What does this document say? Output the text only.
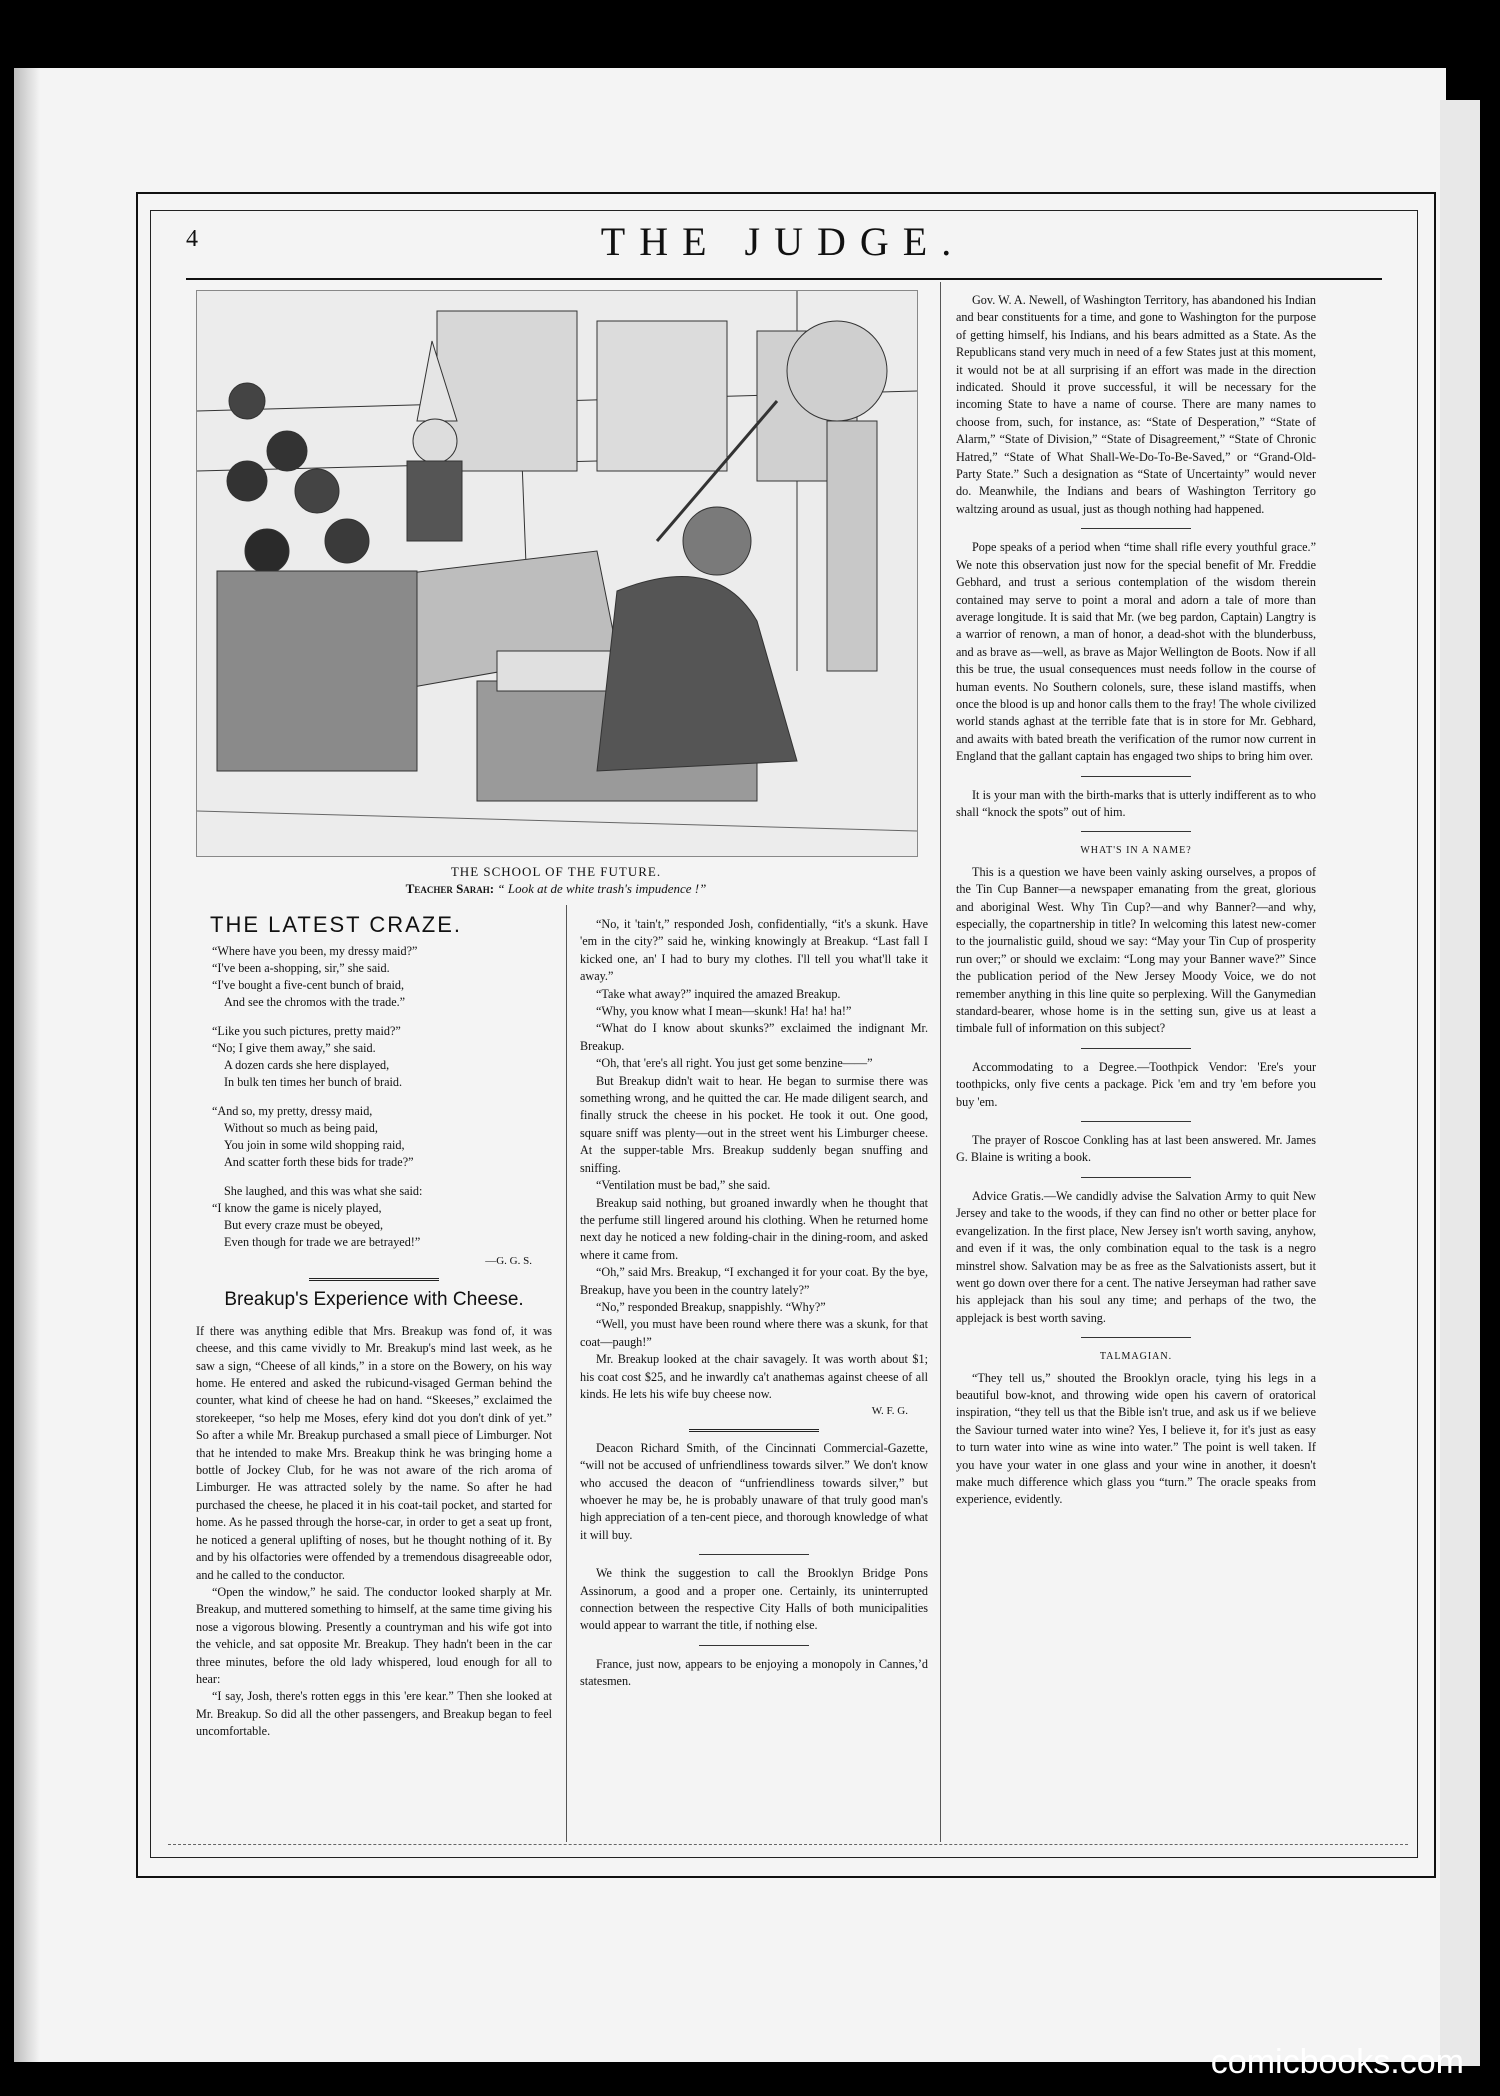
4	THE JUDGE.
THE SCHOOL OF THE FUTURE.
Teacher Sarah: “ Look at de white trash's impudence !”
THE LATEST CRAZE.
“Where have you been, my dressy maid?”
“I've been a-shopping, sir,” she said.
“I've bought a five-cent bunch of braid,
And see the chromos with the trade.”
“Like you such pictures, pretty maid?”
“No; I give them away,” she said.
A dozen cards she here displayed,
In bulk ten times her bunch of braid.
“And so, my pretty, dressy maid,
Without so much as being paid,
You join in some wild shopping raid,
And scatter forth these bids for trade?”
She laughed, and this was what she said:
“I know the game is nicely played,
But every craze must be obeyed,
Even though for trade we are betrayed!”
—G. G. S.
Breakup's Experience with Cheese.

If there was anything edible that Mrs. Breakup was fond of, it was cheese, and this came vividly to Mr. Breakup's mind last week, as he saw a sign, “Cheese of all kinds,” in a store on the Bowery, on his way home. He entered and asked the rubicund-visaged German behind the counter, what kind of cheese he had on hand. “Skeeses,” exclaimed the storekeeper, “so help me Moses, efery kind dot you don't dink of yet.” So after a while Mr. Breakup purchased a small piece of Limburger. Not that he intended to make Mrs. Breakup think he was bringing home a bottle of Jockey Club, for he was not aware of the rich aroma of Limburger. He was attracted solely by the name. So after he had purchased the cheese, he placed it in his coat-tail pocket, and started for home. As he passed through the horse-car, in order to get a seat up front, he noticed a general uplifting of noses, but he thought nothing of it. By and by his olfactories were offended by a tremendous disagreeable odor, and he called to the conductor.

“Open the window,” he said. The conductor looked sharply at Mr. Breakup, and muttered something to himself, at the same time giving his nose a vigorous blowing. Presently a countryman and his wife got into the vehicle, and sat opposite Mr. Breakup. They hadn't been in the car three minutes, before the old lady whispered, loud enough for all to hear:

“I say, Josh, there's rotten eggs in this 'ere kear.” Then she looked at Mr. Breakup. So did all the other passengers, and Breakup began to feel uncomfortable.

“No, it 'tain't,” responded Josh, confidentially, “it's a skunk. Have 'em in the city?” said he, winking knowingly at Breakup. “Last fall I kicked one, an' I had to bury my clothes. I'll tell you what'll take it away.”

“Take what away?” inquired the amazed Breakup.

“Why, you know what I mean—skunk! Ha! ha! ha!”

“What do I know about skunks?” exclaimed the indignant Mr. Breakup.

“Oh, that 'ere's all right. You just get some benzine——”

But Breakup didn't wait to hear. He began to surmise there was something wrong, and he quitted the car. He made diligent search, and finally struck the cheese in his pocket. He took it out. One good, square sniff was plenty—out in the street went his Limburger cheese. At the supper-table Mrs. Breakup suddenly began snuffing and sniffing.

“Ventilation must be bad,” she said.

Breakup said nothing, but groaned inwardly when he thought that the perfume still lingered around his clothing. When he returned home next day he noticed a new folding-chair in the dining-room, and asked where it came from.

“Oh,” said Mrs. Breakup, “I exchanged it for your coat. By the bye, Breakup, have you been in the country lately?”

“No,” responded Breakup, snappishly. “Why?”

“Well, you must have been round where there was a skunk, for that coat—paugh!”

Mr. Breakup looked at the chair savagely. It was worth about $1; his coat cost $25, and he inwardly ca't anathemas against cheese of all kinds. He lets his wife buy cheese now.

W. F. G.

Deacon Richard Smith, of the Cincinnati Commercial-Gazette, “will not be accused of unfriendliness towards silver.” We don't know who accused the deacon of “unfriendliness towards silver,” but whoever he may be, he is probably unaware of that truly good man's high appreciation of a ten-cent piece, and thorough knowledge of what it will buy.

We think the suggestion to call the Brooklyn Bridge Pons Assinorum, a good and a proper one. Certainly, its uninterrupted connection between the respective City Halls of both municipalities would appear to warrant the title, if nothing else.

France, just now, appears to be enjoying a monopoly in Cannes,’d statesmen.

Gov. W. A. Newell, of Washington Territory, has abandoned his Indian and bear constituents for a time, and gone to Washington for the purpose of getting himself, his Indians, and his bears admitted as a State. As the Republicans stand very much in need of a few States just at this moment, it would not be at all surprising if an effort was made in the direction indicated. Should it prove successful, it will be necessary for the incoming State to have a name of course. There are many names to choose from, such, for instance, as: “State of Desperation,” “State of Alarm,” “State of Division,” “State of Disagreement,” “State of Chronic Hatred,” “State of What Shall-We-Do-To-Be-Saved,” or “Grand-Old-Party State.” Such a designation as “State of Uncertainty” would never do. Meanwhile, the Indians and bears of Washington Territory go waltzing around as usual, just as though nothing had happened.

Pope speaks of a period when “time shall rifle every youthful grace.” We note this observation just now for the special benefit of Mr. Freddie Gebhard, and trust a serious contemplation of the wisdom therein contained may serve to point a moral and adorn a tale of more than average longitude. It is said that Mr. (we beg pardon, Captain) Langtry is a warrior of renown, a man of honor, a dead-shot with the blunderbuss, and as brave as—well, as brave as Major Wellington de Boots. Now if all this be true, the usual consequences must needs follow in the course of human events. No Southern colonels, sure, these island mastiffs, when once the blood is up and honor calls them to the fray! The whole civilized world stands aghast at the terrible fate that is in store for Mr. Gebhard, and awaits with bated breath the verification of the rumor now current in England that the gallant captain has engaged two ships to bring him over.

It is your man with the birth-marks that is utterly indifferent as to who shall “knock the spots” out of him.

WHAT'S IN A NAME?

This is a question we have been vainly asking ourselves, a propos of the Tin Cup Banner—a newspaper emanating from the great, glorious and aboriginal West. Why Tin Cup?—and why Banner?—and why, especially, the copartnership in title? In welcoming this latest new-comer to the journalistic guild, shoud we say: “May your Tin Cup of prosperity run over;” or should we exclaim: “Long may your Banner wave?” Since the publication period of the New Jersey Moody Voice, we do not remember anything in this line quite so perplexing. Will the Ganymedian standard-bearer, whose home is in the setting sun, give us at least a timbale full of information on this subject?

Accommodating to a Degree.—Toothpick Vendor: 'Ere's your toothpicks, only five cents a package. Pick 'em and try 'em before you buy 'em.

The prayer of Roscoe Conkling has at last been answered. Mr. James G. Blaine is writing a book.

Advice Gratis.—We candidly advise the Salvation Army to quit New Jersey and take to the woods, if they can find no other or better place for evangelization. In the first place, New Jersey isn't worth saving, anyhow, and even if it was, the only combination equal to the task is a negro minstrel show. Salvation may be as free as the Salvationists assert, but it went go down over there for a cent. The native Jerseyman had rather save his applejack than his soul any time; and perhaps of the two, the applejack is best worth saving.

TALMAGIAN.

“They tell us,” shouted the Brooklyn oracle, tying his legs in a beautiful bow-knot, and throwing wide open his cavern of oratorical inspiration, “they tell us that the Bible isn't true, and ask us if we believe the Saviour turned water into wine? Yes, I believe it, for it's just as easy to turn water into wine as wine into water.” The point is well taken. If you have your water in one glass and your wine in another, it doesn't make much difference which glass you “turn.” The oracle speaks from experience, evidently.

comicbooks.com
